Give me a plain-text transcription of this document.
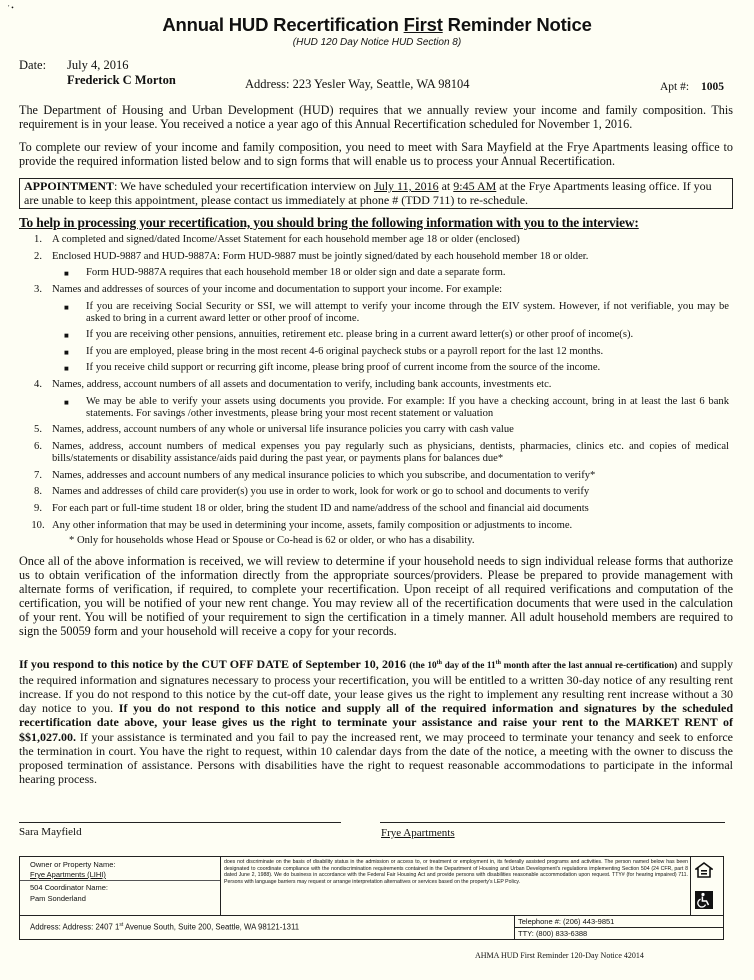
′ •
Annual HUD Recertification First Reminder Notice
(HUD 120 Day Notice HUD Section 8)
Date: July 4, 2016
Frederick C Morton	Address: 223 Yesler Way, Seattle, WA 98104	Apt #: 1005
The Department of Housing and Urban Development (HUD) requires that we annually review your income and family composition. This requirement is in your lease. You received a notice a year ago of this Annual Recertification scheduled for November 1, 2016.
To complete our review of your income and family composition, you need to meet with Sara Mayfield at the Frye Apartments leasing office to provide the required information listed below and to sign forms that will enable us to process your Annual Recertification.
APPOINTMENT: We have scheduled your recertification interview on July 11, 2016 at 9:45 AM at the Frye Apartments leasing office. If you are unable to keep this appointment, please contact us immediately at phone # (TDD 711) to re-schedule.
To help in processing your recertification, you should bring the following information with you to the interview:
1. A completed and signed/dated Income/Asset Statement for each household member age 18 or older (enclosed)
2. Enclosed HUD-9887 and HUD-9887A: Form HUD-9887 must be jointly signed/dated by each household member 18 or older.
■	Form HUD-9887A requires that each household member 18 or older sign and date a separate form.
3. Names and addresses of sources of your income and documentation to support your income. For example:
■	If you are receiving Social Security or SSI, we will attempt to verify your income through the EIV system. However, if not verifiable, you may be asked to bring in a current award letter or other proof of income.
■	If you are receiving other pensions, annuities, retirement etc. please bring in a current award letter(s) or other proof of income(s).
■	If you are employed, please bring in the most recent 4-6 original paycheck stubs or a payroll report for the last 12 months.
■	If you receive child support or recurring gift income, please bring proof of current income from the source of the income.
4. Names, address, account numbers of all assets and documentation to verify, including bank accounts, investments etc.
■	We may be able to verify your assets using documents you provide. For example: If you have a checking account, bring in at least the last 6 bank statements. For savings /other investments, please bring your most recent statement or valuation
5. Names, address, account numbers of any whole or universal life insurance policies you carry with cash value
6. Names, address, account numbers of medical expenses you pay regularly such as physicians, dentists, pharmacies, clinics etc. and copies of medical bills/statements or disability assistance/aids paid during the past year, or payments plans for balances due*
7. Names, addresses and account numbers of any medical insurance policies to which you subscribe, and documentation to verify*
8. Names and addresses of child care provider(s) you use in order to work, look for work or go to school and documents to verify
9. For each part or full-time student 18 or older, bring the student ID and name/address of the school and financial aid documents
10. Any other information that may be used in determining your income, assets, family composition or adjustments to income.
* Only for households whose Head or Spouse or Co-head is 62 or older, or who has a disability.
Once all of the above information is received, we will review to determine if your household needs to sign individual release forms that authorize us to obtain verification of the information directly from the appropriate sources/providers. Please be prepared to provide management with alternate forms of verification, if required, to complete your recertification. Upon receipt of all required verifications and computation of the certification, you will be notified of your new rent change. You may review all of the recertification documents that were used in the calculation of your rent. You will be notified of your requirement to sign the certification in a timely manner. All adult household members are required to sign the 50059 form and your household will receive a copy for your records.
If you respond to this notice by the CUT OFF DATE of September 10, 2016 (the 10th day of the 11th month after the last annual re-certification) and supply the required information and signatures necessary to process your recertification, you will be entitled to a written 30-day notice of any resulting rent increase. If you do not respond to this notice by the cut-off date, your lease gives us the right to implement any resulting rent increase without a 30 day notice to you. If you do not respond to this notice and supply all of the required information and signatures by the scheduled recertification date above, your lease gives us the right to terminate your assistance and raise your rent to the MARKET RENT of $$1,027.00. If your assistance is terminated and you fail to pay the increased rent, we may proceed to terminate your tenancy and seek to enforce the termination in court. You have the right to request, within 10 calendar days from the date of the notice, a meeting with the owner to discuss the proposed termination of assistance. Persons with disabilities have the right to request reasonable accommodations to participate in the informal hearing process.
Sara Mayfield	Frye Apartments
Owner or Property Name:
Frye Apartments (LIHI)
504 Coordinator Name:
Pam Sonderland
does not discriminate on the basis of disability status in the admission or access to, or treatment or employment in, its federally assisted programs and activities. The person named below has been designated to coordinate compliance with the nondiscrimination requirements contained in the Department of Housing and Urban Development's regulations implementing Section 504 (24 CFR, part 8 dated June 2, 1988). We do business in accordance with the Federal Fair Housing Act and provide persons with disabilities reasonable accommodation upon request. TTY# (for hearing impaired) 711. Persons with language barriers may request or arrange interpretation alternatives or services based on the property's LEP Policy.
Address: Address: 2407 1st Avenue South, Suite 200, Seattle, WA 98121-1311
Telephone #: (206) 443-9851
TTY: (800) 833-6388
AHMA HUD First Reminder 120-Day Notice 42014
